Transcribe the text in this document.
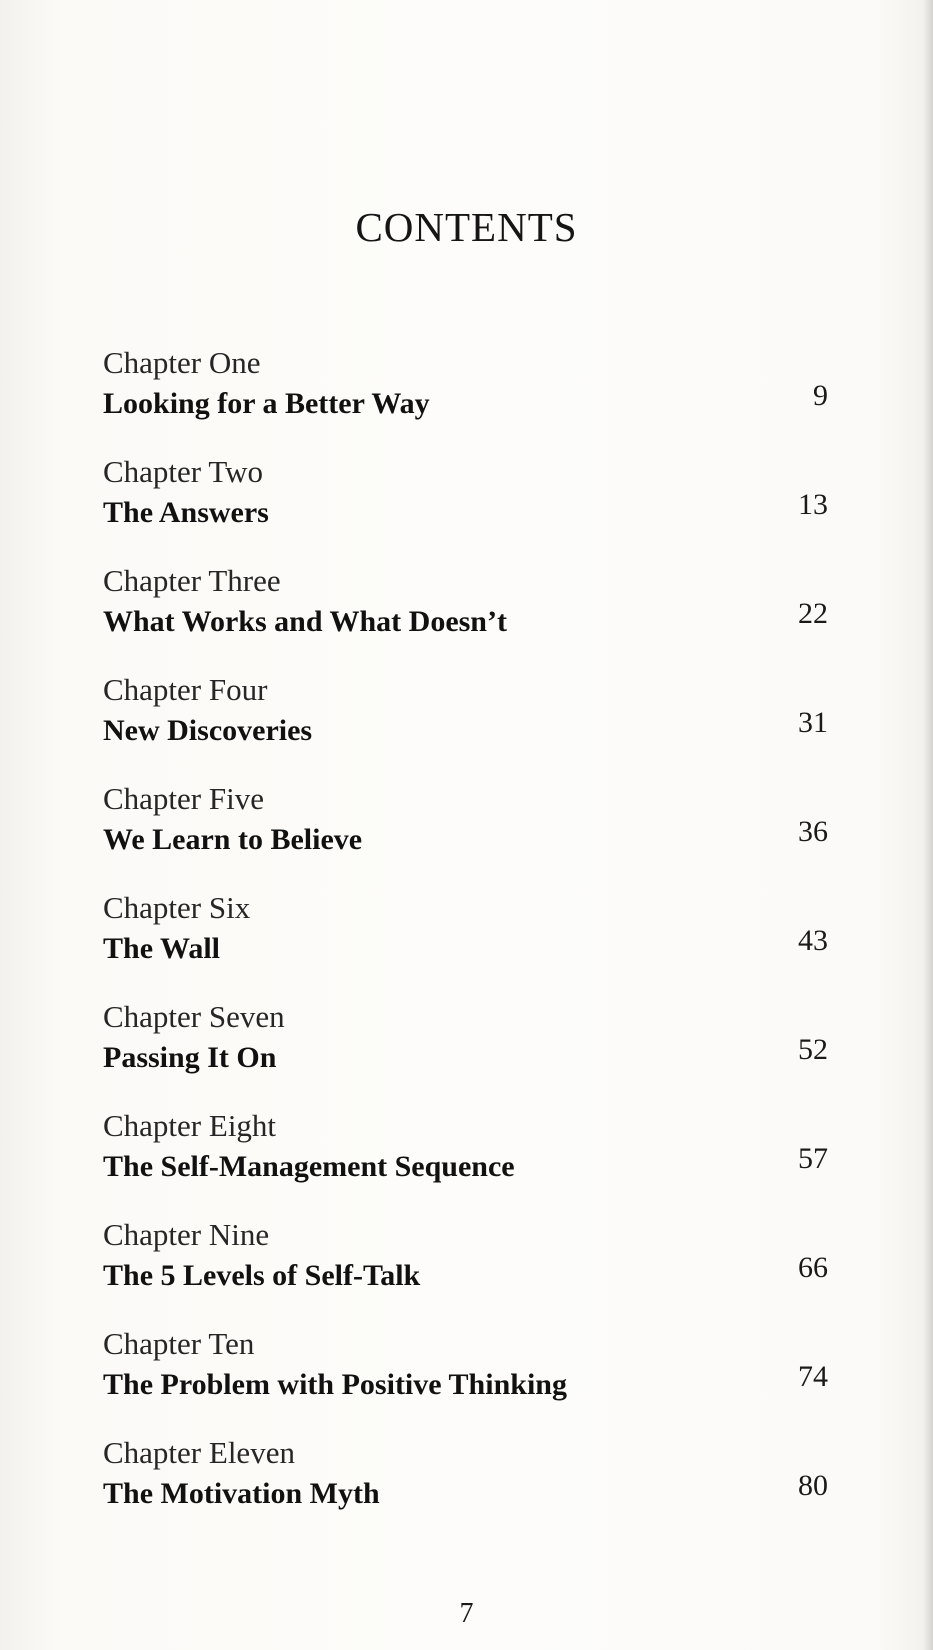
CONTENTS
Chapter One
Looking for a Better Way	9
Chapter Two
The Answers	13
Chapter Three
What Works and What Doesn’t	22
Chapter Four
New Discoveries	31
Chapter Five
We Learn to Believe	36
Chapter Six
The Wall	43
Chapter Seven
Passing It On	52
Chapter Eight
The Self-Management Sequence	57
Chapter Nine
The 5 Levels of Self-Talk	66
Chapter Ten
The Problem with Positive Thinking	74
Chapter Eleven
The Motivation Myth	80
7
